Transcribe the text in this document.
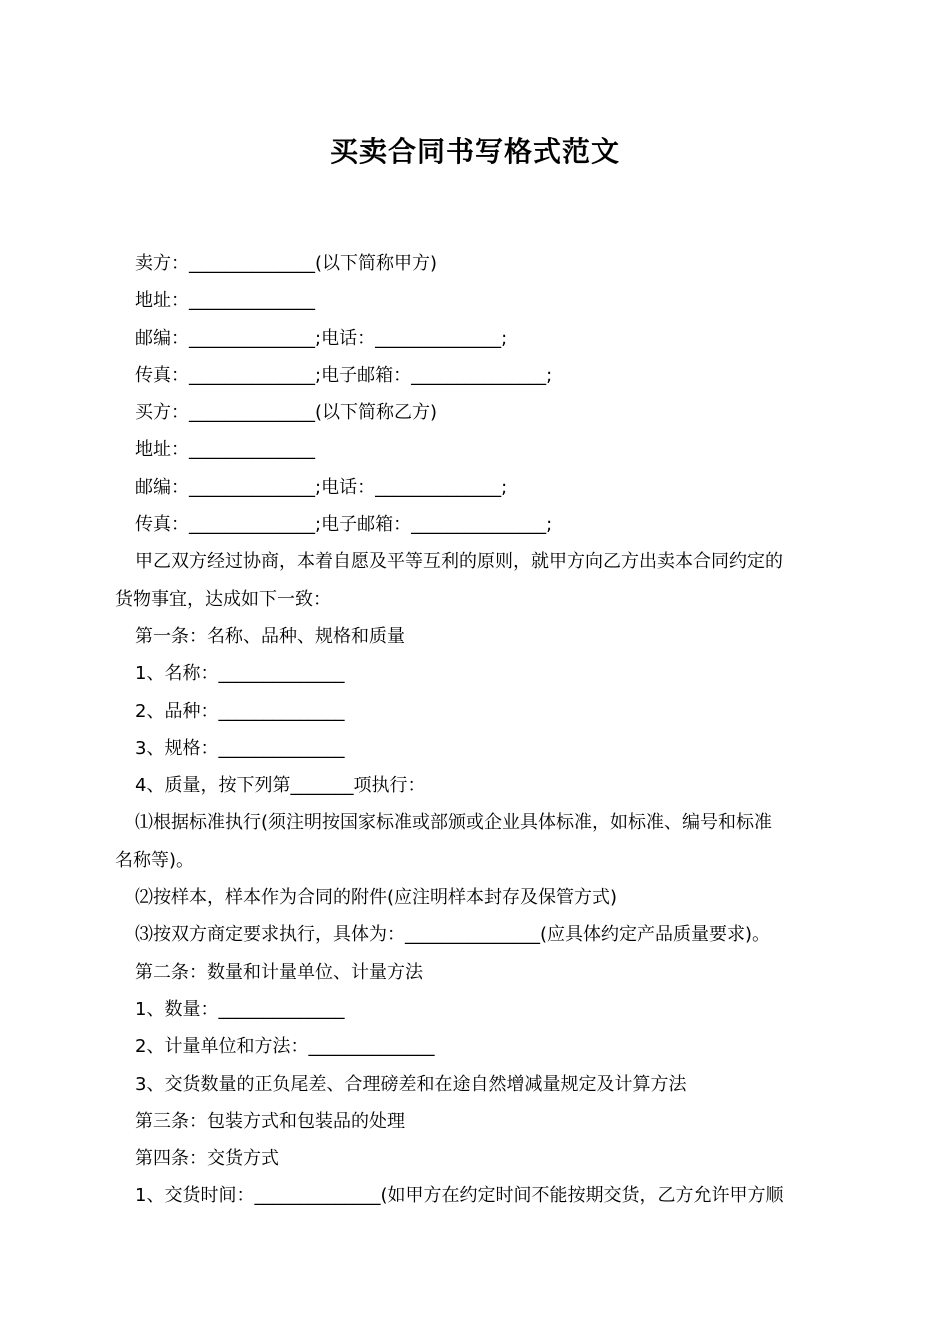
买卖合同书写格式范文
卖方：______________(以下简称甲方)
地址：______________
邮编：______________;电话：______________;
传真：______________;电子邮箱：_______________;
买方：______________(以下简称乙方)
地址：______________
邮编：______________;电话：______________;
传真：______________;电子邮箱：_______________;
甲乙双方经过协商，本着自愿及平等互利的原则，就甲方向乙方出卖本合同约定的
货物事宜，达成如下一致：
第一条：名称、品种、规格和质量
1、名称：______________
2、品种：______________
3、规格：______________
4、质量，按下列第_______项执行：
⑴根据标准执行(须注明按国家标准或部颁或企业具体标准，如标准、编号和标准
名称等)。
⑵按样本，样本作为合同的附件(应注明样本封存及保管方式)
⑶按双方商定要求执行，具体为：_______________(应具体约定产品质量要求)。
第二条：数量和计量单位、计量方法
1、数量：______________
2、计量单位和方法：______________
3、交货数量的正负尾差、合理磅差和在途自然增减量规定及计算方法
第三条：包装方式和包装品的处理
第四条：交货方式
1、交货时间：______________(如甲方在约定时间不能按期交货，乙方允许甲方顺
